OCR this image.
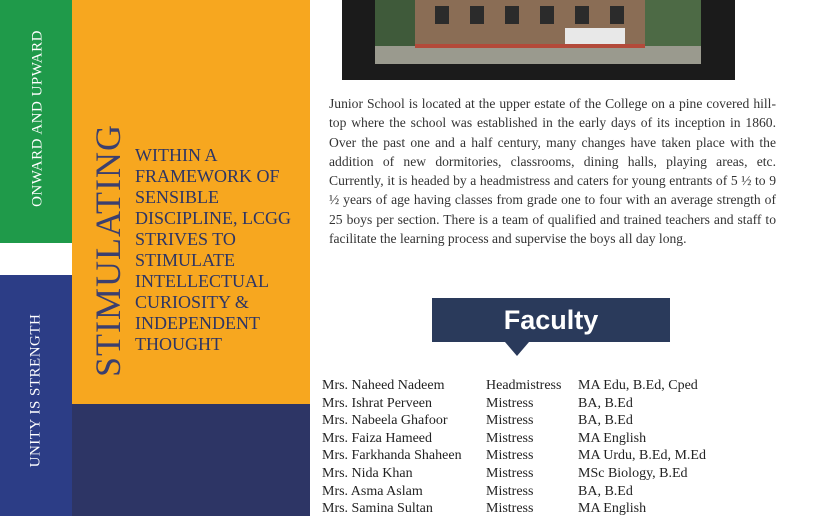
ONWARD AND UPWARD
UNITY IS STRENGTH
STIMULATING WITHIN A FRAMEWORK OF SENSIBLE DISCIPLINE, LCGG STRIVES TO STIMULATE INTELLECTUAL CURIOSITY & INDEPENDENT THOUGHT
Junior School is located at the upper estate of the College on a pine covered hill-top where the school was established in the early days of its inception in 1860. Over the past one and a half century, many changes have taken place with the addition of new dormitories, classrooms, dining halls, playing areas, etc. Currently, it is headed by a headmistress and caters for young entrants of 5 ½ to 9 ½ years of age having classes from grade one to four with an average strength of 25 boys per section. There is a team of qualified and trained teachers and staff to facilitate the learning process and supervise the boys all day long.
Faculty
Mrs. Naheed Nadeem	Headmistress	MA Edu, B.Ed, Cped
Mrs. Ishrat Perveen	Mistress	BA, B.Ed
Mrs. Nabeela Ghafoor	Mistress	BA, B.Ed
Mrs. Faiza Hameed	Mistress	MA English
Mrs. Farkhanda Shaheen	Mistress	MA Urdu, B.Ed, M.Ed
Mrs. Nida Khan	Mistress	MSc Biology, B.Ed
Mrs. Asma Aslam	Mistress	BA, B.Ed
Mrs. Samina Sultan	Mistress	MA English
